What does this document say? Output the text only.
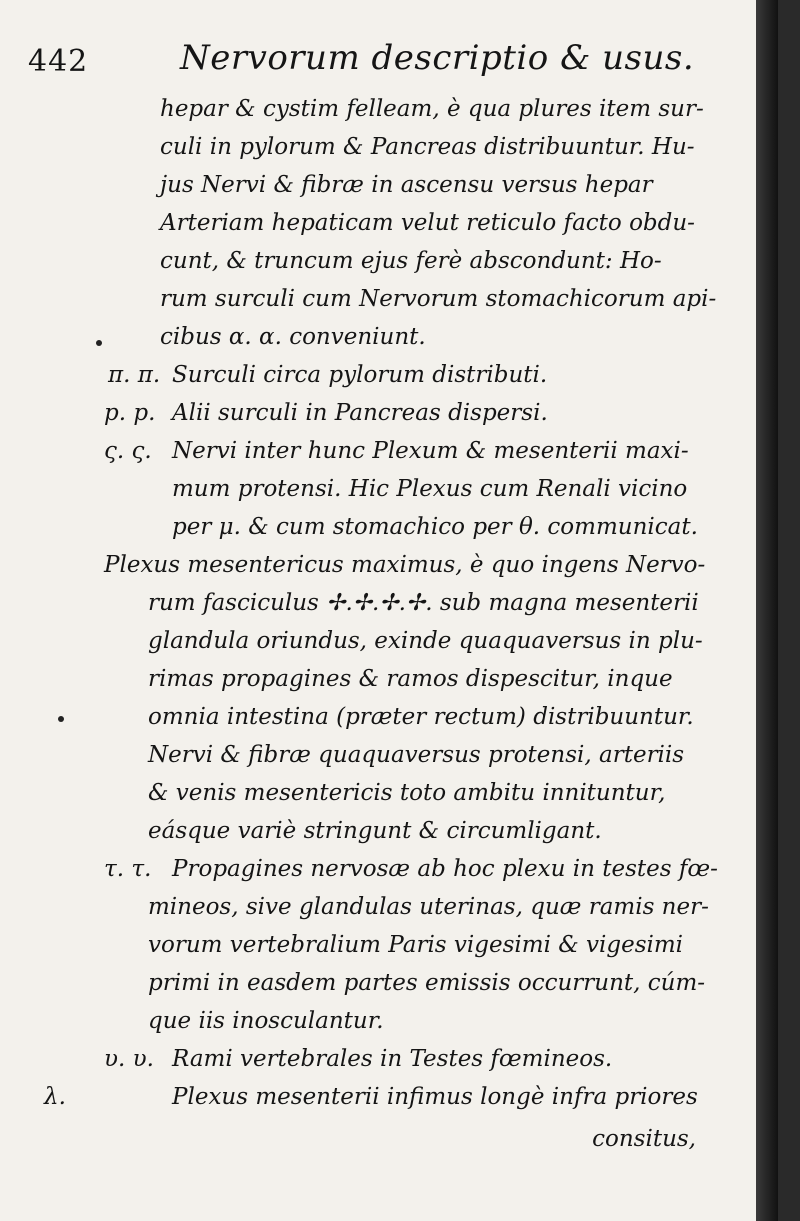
442	Nervorum descriptio & usus.
hepar & cystim felleam, è qua plures item sur-
culi in pylorum & Pancreas distribuuntur. Hu-
jus Nervi & fibræ in ascensu versus hepar
Arteriam hepaticam velut reticulo facto obdu-
cunt, & truncum ejus ferè abscondunt: Ho-
rum surculi cum Nervorum stomachicorum api-
cibus α. α. conveniunt.
π. π. Surculi circa pylorum distributi.
p. p. Alii surculi in Pancreas dispersi.
ς. ς. Nervi inter hunc Plexum & mesenterii maxi-
mum protensi. Hic Plexus cum Renali vicino
per μ. & cum stomachico per θ. communicat.
Plexus mesentericus maximus, è quo ingens Nervo-
rum fasciculus ✢.✢.✢.✢. sub magna mesenterii
glandula oriundus, exinde quaquaversus in plu-
rimas propagines & ramos dispescitur, inque
omnia intestina (præter rectum) distribuuntur.
Nervi & fibræ quaquaversus protensi, arteriis
& venis mesentericis toto ambitu innituntur,
eásque variè stringunt & circumligant.
τ. τ. Propagines nervosæ ab hoc plexu in testes fœ-
mineos, sive glandulas uterinas, quæ ramis ner-
vorum vertebralium Paris vigesimi & vigesimi
primi in easdem partes emissis occurrunt, cúm-
que iis inosculantur.
υ. υ. Rami vertebrales in Testes fœmineos.
λ.	Plexus mesenterii infimus longè infra priores
consitus,
